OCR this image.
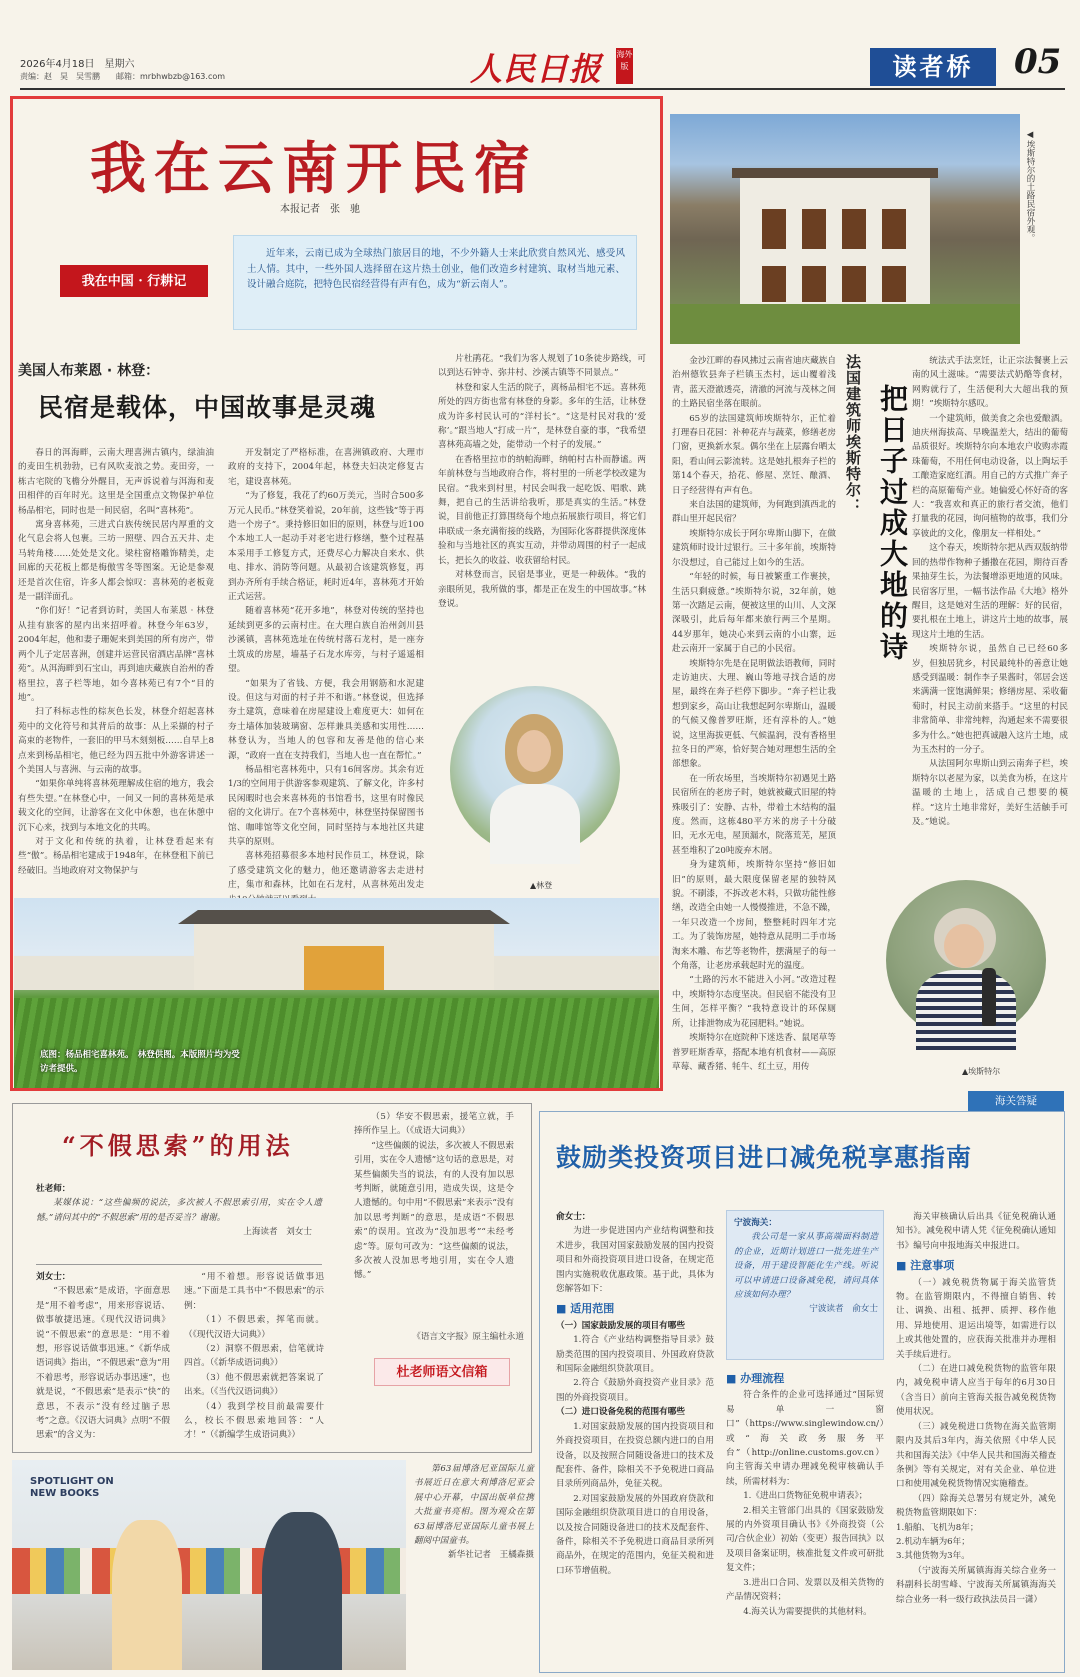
2026年4月18日　星期六
责编：赵　昊　吴雪鹏　　邮箱：mrbhwbzb@163.com	人民日报 海外版	读者桥	05
我在云南开民宿
本报记者　张　驰
我在中国 · 行耕记
近年来，云南已成为全球热门旅居目的地，不少外籍人士来此欣赏自然风光、感受风土人情。其中，一些外国人选择留在这片热土创业，他们改造乡村建筑、取材当地元素、设计融合庭院，把特色民宿经营得有声有色，成为“新云南人”。
美国人布莱恩 · 林登：
民宿是载体，中国故事是灵魂

春日的洱海畔，云南大理喜洲古镇内，绿油油的麦田生机勃勃，已有风吹麦浪之势。麦田旁，一栋古宅院的飞檐分外醒目，无声诉说着与洱海和麦田相伴的百年时光。这里是全国重点文物保护单位杨品相宅，同时也是一间民宿，名叫“喜林苑”。

寓身喜林苑，三进式白族传统民居内厚重的文化气息会将人包裹。三坊一照壁、四合五天井、走马转角楼……处处是文化。梁柱窗格雕饰精美，走回廊的天花板上都是梅傲雪冬等图案。无论是参观还是首次住宿，许多人都会惊叹：喜林苑的老板竟是一副洋面孔。

“你们好！”记者到访时，美国人布莱恩 · 林登从挂有旅客的屋内出来招呼着。林登今年63岁，2004年起，他和妻子珊妮来到美国的所有房产，带两个儿子定居喜洲，创建并运营民宿酒店品牌“喜林苑”。从洱海畔到石宝山，再到迪庆藏族自治州的香格里拉，喜子栏等地，如今喜林苑已有7个“目的地”。

扫了科标志性的棕灰色长发，林登介绍起喜林苑中的文化符号和其背后的故事：从上采撷的村子高束的老物件，一套旧的甲马木刻刻板……自早上8点来到杨品相宅，他已经为四五批中外游客讲述一个美国人与喜洲、与云南的故事。

“如果你单纯将喜林苑理解成住宿的地方，我会有些失望。”在林登心中，一间又一间的喜林苑是承载文化的空间，让游客在文化中休憩，也在休憩中沉下心来，找到与本地文化的共鸣。

对于文化和传统的执着，让林登看起来有些“傲”。杨品相宅建成于1948年，在林登租下前已经破旧。当地政府对文物保护与

开发制定了严格标准，在喜洲镇政府、大理市政府的支持下，2004年起，林登夫妇决定修复古宅，建设喜林苑。

“为了修复，我花了约60万美元，当时合500多万元人民币。”林登笑着说，20年前，这些钱“等于再造一个房子”。秉持修旧如旧的原则，林登与近100个本地工人一起动手对老宅进行修缮，整个过程基本采用手工修复方式，还费尽心力解决自来水、供电、排水、消防等问题。从最初合该建筑修复，再到办齐所有手续合格证，耗时近4年，喜林苑才开始正式运营。

随着喜林苑“花开多地”，林登对传统的坚持也延续到更多的云南村庄。在大理白族自治州剑川县沙溪镇，喜林苑选址在传统村落石龙村，是一座夯土筑成的房屋，墙基子石龙水库旁，与村子遥遥相望。

“如果为了省钱、方便，我会用钢筋和水泥建设。但这与对面的村子并不和谐。”林登说，但选择夯土建筑，意味着在房屋建设上难度更大：如何在夯土墙体加装玻璃窗、怎样兼具美感和实用性……林登认为，当地人的包容和友善是他的信心来源，“政府一直在支持我们，当地人也一直在帮忙。”

杨品相宅喜林苑中，只有16间客房。其余有近1/3的空间用于供游客参观建筑、了解文化，许多村民闲暇时也会来喜林苑的书馆看书，这里有时像民宿的文化讲厅。在7个喜林苑中，林登坚持保留图书馆、咖啡馆等文化空间，同时坚持与本地社区共建共享的原则。

喜林苑招募很多本地村民作员工，林登说，除了感受建筑文化的魅力，他还邀请游客去走进村庄，集市和森林，比如在石龙村，从喜林苑出发走

片杜鹃花。“我们为客人规划了10条徒步路线，可以到达石钟寺、弥井村、沙溪古镇等不同景点。”

林登和家人生活的院子，离杨品相宅不远。喜林苑所处的四方街也常有林登的身影。多年的生活，让林登成为许多村民认可的“洋村长”。“这是村民对我的‘爱称’。”跟当地人“打成一片”，是林登自豪的事，“我希望喜林苑高墙之处，能带动一个村子的发展。”

在香格里拉市的纳帕海畔，纳帕村古朴而静谧。两年前林登与当地政府合作，将村里的一所老学校改建为民宿。“我来到村里，村民会叫我一起吃饭、唱歌、跳舞，把自己的生活讲给我听，那是真实的生活。”林登说，目前他正打算围绕每个地点拓展旅行项目，将它们串联成一条充满衔接的线路，为国际化客群提供深度体验和与当地社区的真实互动，并带动周围的村子一起成长，把长久的收益、收获留给村民。

对林登而言，民宿是事业，更是一种载体。“我的亲眼所见，我所做的事，都是正在发生的中国故事。”林登说。

▲林登
底图：杨品相宅喜林苑。　林登供图。本版照片均为受访者提供。
◀埃斯特尔的土路民宿外观。
法国建筑师埃斯特尔： 把日子过成大地的诗

金沙江畔的春风拂过云南省迪庆藏族自治州德钦县奔子栏镇玉杰村，远山覆着浅青，蓝天澄澈透亮，清澈的河流与茂林之间的土路民宿坐落在眼前。

65岁的法国建筑师埃斯特尔，正忙着打理春日花园：补种花卉与蔬菜，修缮老房门窗，更换新水泵。偶尔坐在上层露台晒太阳，看山间云影流转。这是她扎根奔子栏的第14个春天，拾花、修屋、烹饪、酿酒、日子经营得有声有色。

来自法国的建筑师，为何跑到滇西北的群山里开起民宿？

埃斯特尔成长于阿尔卑斯山脚下，在做建筑师时设计过银行。三十多年前，埃斯特尔没想过，自己能过上如今的生活。

“年轻的时候，每日被繁重工作裹挟，生活只剩疲惫。”埃斯特尔说，32年前，她第一次踏足云南，便被这里的山川、人文深深吸引，此后每年都来旅行两三个星期。44岁那年，她决心来到云南的小山寨，远赴云南开一家属于自己的小民宿。

埃斯特尔先是在昆明做法语教师，同时走访迪庆、大理、巍山等地寻找合适的房屋，最终在奔子栏停下脚步。“奔子栏让我想到家乡，高山让我想起阿尔卑斯山，温暖的气候又像普罗旺斯，还有淳朴的人。”她说，这里海拔更低、气候温润，没有香格里拉冬日的严寒，恰好契合她对理想生活的全部想象。

在一所农场里，当埃斯特尔初遇见土路民宿所在的老房子时，她就被藏式旧屋的特殊吸引了：安静、古朴，带着土木结构的温度。然而，这栋480平方米的房子十分破旧，无水无电，屋顶漏水，院落荒芜，屋顶甚至堆积了20吨废弃木屑。

身为建筑师，埃斯特尔坚持“修旧如旧”的原则，最大限度保留老屋的独特风貌。不刷漆，不拆改老木料，只做功能性修缮，改造全由她一人慢慢推进，不急不躁，一年只改造一个房间，整整耗时四年才完工。为了装饰房屋，她特意从昆明二手市场淘来木雕、布艺等老物件，摆满屋子的每一个角落，让老房承载起时光的温度。

“土路的污水不能进入小河。”改造过程中，埃斯特尔态度坚决。但民宿不能没有卫生间，怎样平衡？“我特意设计的环保厕所，让排泄物成为花园肥料。”她说。

埃斯特尔在庭院种下迷迭香、鼠尾草等普罗旺斯香草，搭配本地有机食材——高原草莓、藏香猪、牦牛、红土豆，用传

统法式手法烹饪，让正宗法餐裹上云南的风土滋味。“需要法式奶酪等食材，网购就行了，生活便利大大超出我的预期！”埃斯特尔感叹。

一个建筑师，做美食之余也爱酿酒。迪庆州海拔高、早晚温差大，结出的葡萄品质很好。埃斯特尔向本地农户收购赤霞珠葡萄，不用任何电动设备，以上陶坛手工酿造家庭红酒。用自己的方式推广奔子栏的高原葡萄产业。她偏爱心怀好奇的客人：“我喜欢和真正的旅行者交流，他们打量我的花园，询问植物的故事，我们分享彼此的文化，像朋友一样相处。”

这个春天，埃斯特尔把从西双版纳带回的热带作物种子播撒在花园，期待百香果抽芽生长，为法餐增添更地道的风味。民宿客厅里，一幅书法作品《大地》格外醒目，这是她对生活的理解：好的民宿，要扎根在土地上，讲这片土地的故事，展现这片土地的生活。

埃斯特尔说，虽然自己已经60多岁，但独居犹乡，村民最纯朴的善意让她感受到温暖：制作李子果酱时，邻居会送来满满一筐饱满鲜果；修缮房屋、采收葡萄时，村民主动前来搭手。“这里的村民非常简单、非常纯粹，沟通起来不需要很多为什么。”她也把真诚融入这片土地，成为玉杰村的一分子。

从法国阿尔卑斯山到云南奔子栏，埃斯特尔以老屋为家，以美食为桥，在这片温暖的土地上，活成自己想要的模样。“这片土地非常好，美好生活触手可及。”她说。

▲埃斯特尔
“不假思索”的用法
杜老师：

某媒体说：“这些偏频的说法，多次被人不假思索引用，实在令人遗憾。”请问其中的“不假思索”用的是否妥当？谢谢。

上海读者　刘女士
刘女士：

“不假思索”是成语，字面意思是“用不着考虑”，用来形容说话、做事敏捷迅速。《现代汉语词典》说“不假思索”的意思是：“用不着想，形容说话做事迅速。”《新华成语词典》指出，“不假思索”意为“用不着思考，形容说话办事迅速”，也就是说，“不假思索”是表示“快”的意思，不表示“没有经过脑子思考”之意。《汉语大词典》点明“不假思索”的含义为：

“用不着想。形容说话做事迅速。”下面是工具书中“不假思索”的示例：

（1）不假思索，挥笔而就。（《现代汉语大词典》）

（2）洞察不假思索，信笔就诗四首。（《新华成语词典》）

（3）他不假思索就把答案说了出来。（《当代汉语词典》）

（4）我到学校目前最需要什么，校长不假思索地回答：“人才！”（《新编学生成语词典》）

（5）华安不假思索，援笔立就，手捧所作呈上。（《成语大词典》）

“这些偏颇的说法，多次被人不假思索引用，实在令人遗憾”这句话的意思是，对某些偏颇失当的说法，有的人没有加以思考判断，就随意引用，造成失误，这是令人遗憾的。句中用“不假思索”来表示“没有加以思考判断”的意思，是成语“不假思索”的误用。宜改为“没加思考”“未经考虑”等。原句可改为：“这些偏颇的说法，多次被人没加思考地引用，实在令人遗憾。”

《语言文字报》原主编杜永道
杜老师语文信箱
SPOTLIGHT ON NEW BOOKS

第63届博洛尼亚国际儿童书展近日在意大利博洛尼亚会展中心开幕，中国出版单位携大批童书亮相。图为观众在第63届博洛尼亚国际儿童书展上翻阅中国童书。

新华社记者　王橘森摄
海关答疑
鼓励类投资项目进口减免税享惠指南
俞女士：

为进一步促进国内产业结构调整和技术进步，我国对国家鼓励发展的国内投资项目和外商投资项目进口设备，在规定范围内实施税收优惠政策。基于此，具体为您解答如下：

■ 适用范围
（一）国家鼓励发展的项目有哪些

1.符合《产业结构调整指导目录》鼓励类范围的国内投资项目、外国政府贷款和国际金融组织贷款项目。

2.符合《鼓励外商投资产业目录》范围的外商投资项目。

（二）进口设备免税的范围有哪些

1.对国家鼓励发展的国内投资项目和外商投资项目，在投资总额内进口的自用设备，以及按照合同随设备进口的技术及配套件、备件，除相关不予免税进口商品目录所列商品外，免征关税。

2.对国家鼓励发展的外国政府贷款和国际金融组织贷款项目进口的自用设备，以及按合同随设备进口的技术及配套件、备件，除相关不予免税进口商品目录所列商品外，在规定的范围内，免征关税和进口环节增值税。

宁波海关：

我公司是一家从事高端面料制造的企业，近期计划进口一批先进生产设备，用于建设智能化生产线。听说可以申请进口设备减免税，请问具体应该如何办理？

宁波读者　俞女士
■ 办理流程

符合条件的企业可选择通过“国际贸易单一窗口”（https://www.singlewindow.cn/）或“海关政务服务平台”（http://online.customs.gov.cn）向主管海关申请办理减免税审核确认手续，所需材料为：

1.《进出口货物征免税申请表》；

2.相关主管部门出具的《国家鼓励发展的内外资项目确认书》《外商投资（公司/合伙企业）初始（变更）报告回执》以及项目备案证明，核准批复文件或可研批复文件；

3.进出口合同、发票以及相关货物的产品情况资料；

4.海关认为需要提供的其他材料。

海关审核确认后出具《征免税确认通知书》。减免税申请人凭《征免税确认通知书》编号向申报地海关申报进口。

■ 注意事项

（一）减免税货物属于海关监管货物。在监管期限内，不得擅自销售、转让、调换、出租、抵押、质押、移作他用、异地使用、退运出境等，如需进行以上或其他处置的，应获海关批准并办理相关手续后进行。

（二）在进口减免税货物的监管年限内，减免税申请人应当于每年的6月30日（含当日）前向主管海关报告减免税货物使用状况。

（三）减免税进口货物在海关监管期限内及其后3年内，海关依照《中华人民共和国海关法》《中华人民共和国海关稽查条例》等有关规定，对有关企业、单位进口和使用减免税货物情况实施稽查。

（四）除海关总署另有规定外，减免税货物监管期限如下：

1.船舶、飞机为8年；
2.机动车辆为6年；
3.其他货物为3年。

（宁波海关所属镇海海关综合业务一科副科长胡雪峰、宁波海关所属镇海海关综合业务一科一级行政执法员吕一潇）
